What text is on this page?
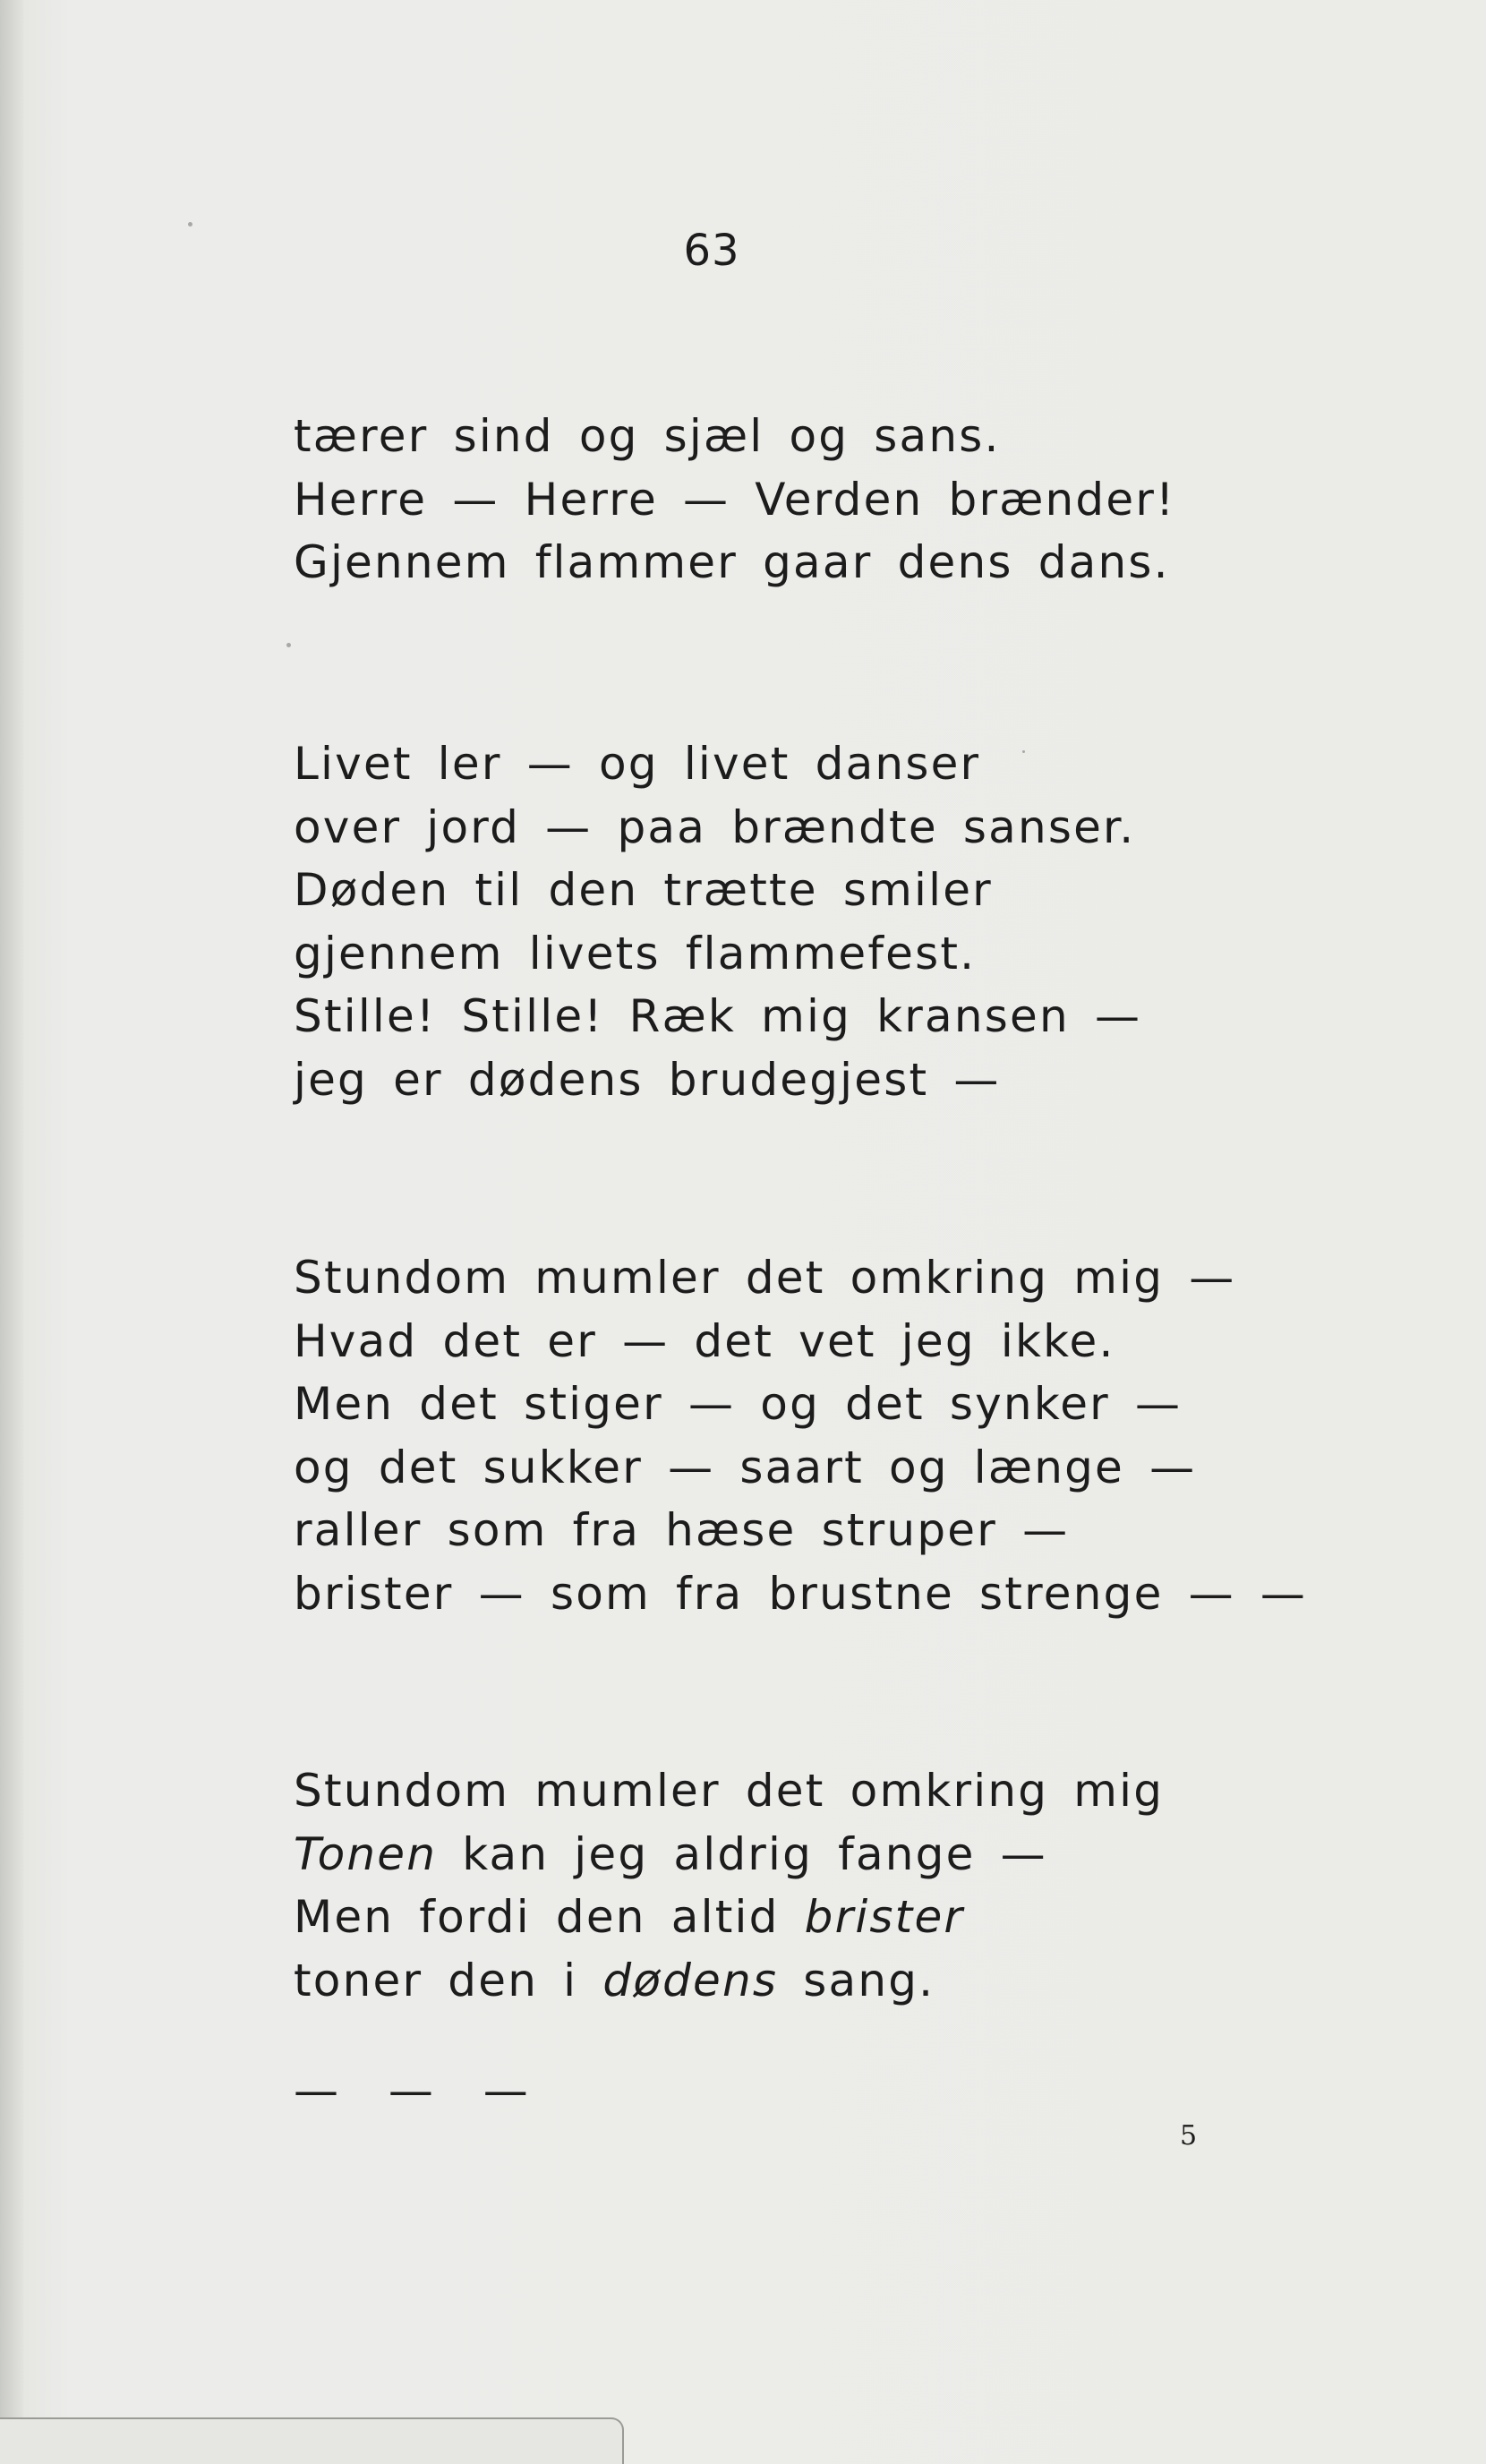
63
tærer sind og sjæl og sans.
Herre — Herre — Verden brænder!
Gjennem flammer gaar dens dans.
Livet ler — og livet danser
over jord — paa brændte sanser.
Døden til den trætte smiler
gjennem livets flammefest.
Stille! Stille! Ræk mig kransen —
jeg er dødens brudegjest —
Stundom mumler det omkring mig —
Hvad det er — det vet jeg ikke.
Men det stiger — og det synker —
og det sukker — saart og længe —
raller som fra hæse struper —
brister — som fra brustne strenge — —
Stundom mumler det omkring mig
Tonen kan jeg aldrig fange —
Men fordi den altid brister
toner den i dødens sang.
— — —
5
